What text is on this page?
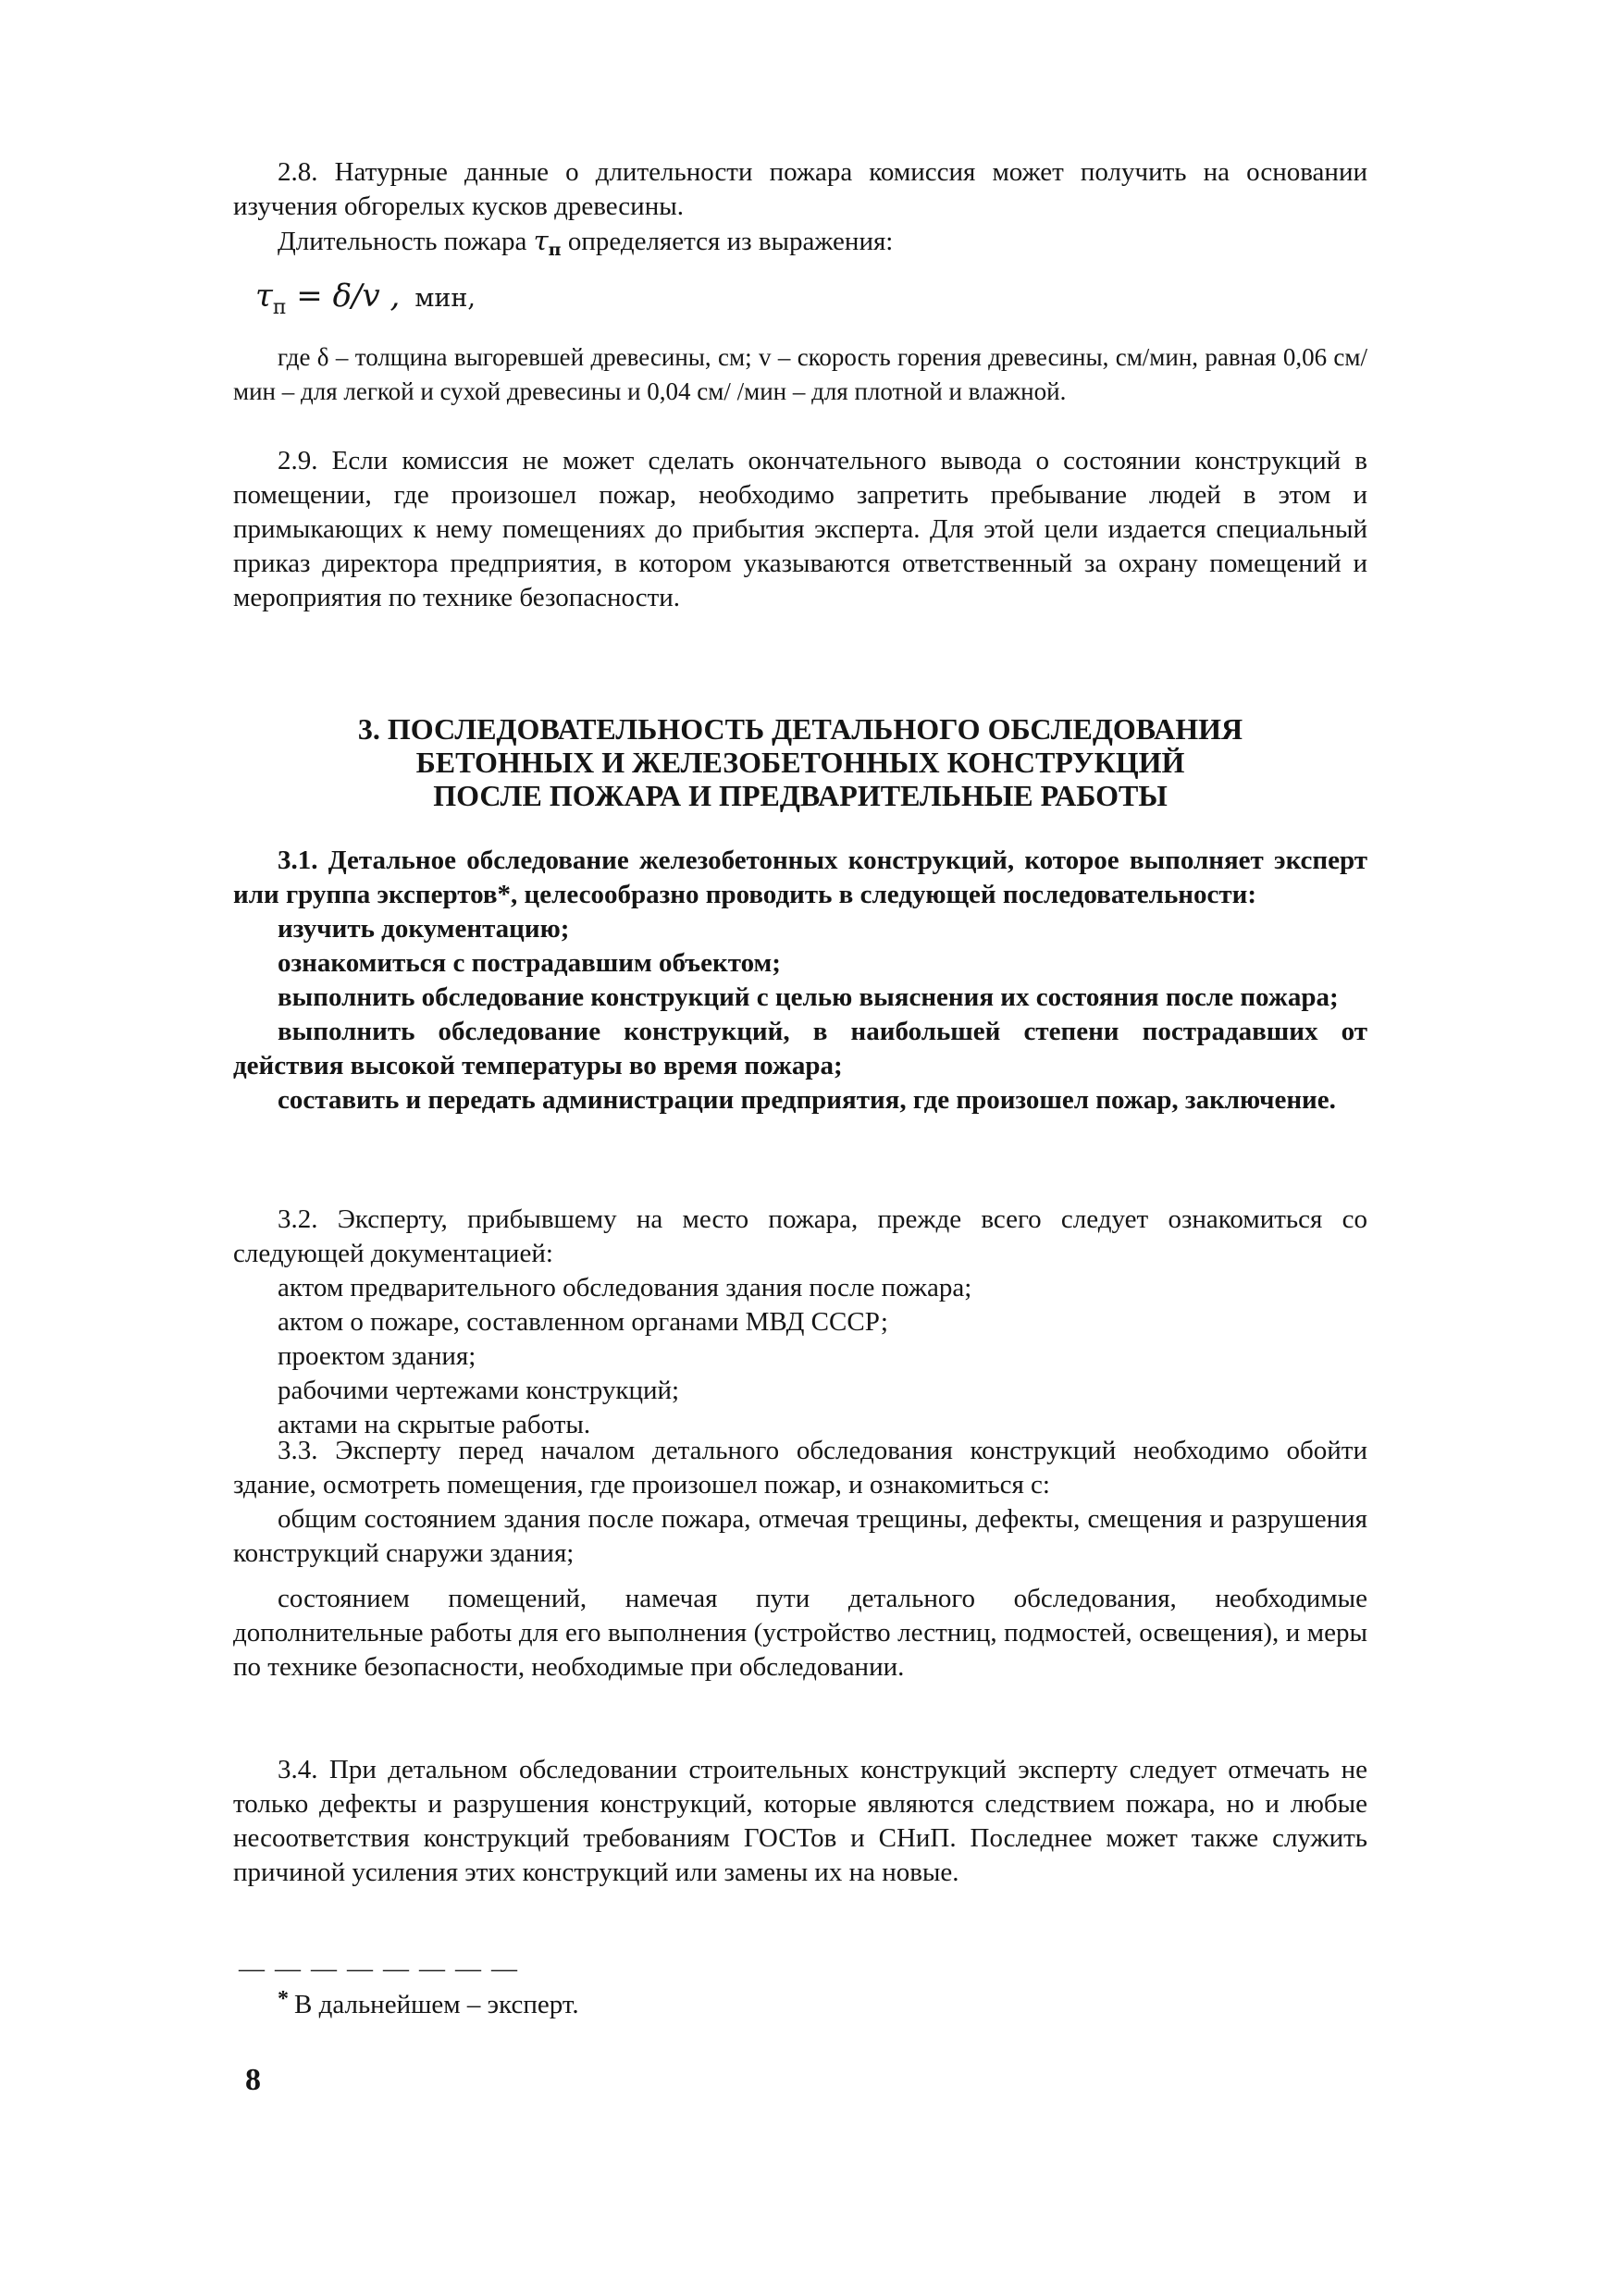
2.8. Натурные данные о длительности пожара комиссия может получить на основании изучения обгорелых кусков древесины.

Длительность пожара $\tau_п$ определяется из выражения:

$\tau_п = \delta/v$ , мин,

где δ – толщина выгоревшей древесины, см; v – скорость горения древесины, см/мин, равная 0,06 см/мин – для легкой и сухой древесины и 0,04 см/ /мин – для плотной и влажной.

2.9. Если комиссия не может сделать окончательного вывода о состоянии конструкций в помещении, где произошел пожар, необходимо запретить пребывание людей в этом и примыкающих к нему помещениях до прибытия эксперта. Для этой цели издается специальный приказ директора предприятия, в котором указываются ответственный за охрану помещений и мероприятия по технике безопасности.

3. ПОСЛЕДОВАТЕЛЬНОСТЬ ДЕТАЛЬНОГО ОБСЛЕДОВАНИЯ
БЕТОННЫХ И ЖЕЛЕЗОБЕТОННЫХ КОНСТРУКЦИЙ
ПОСЛЕ ПОЖАРА И ПРЕДВАРИТЕЛЬНЫЕ РАБОТЫ

3.1. Детальное обследование железобетонных конструкций, которое выполняет эксперт или группа экспертов*, целесообразно проводить в следующей последовательности:

изучить документацию;

ознакомиться с пострадавшим объектом;

выполнить обследование конструкций с целью выяснения их состояния после пожара;

выполнить обследование конструкций, в наибольшей степени пострадавших от действия высокой температуры во время пожара;

составить и передать администрации предприятия, где произошел пожар, заключение.

3.2. Эксперту, прибывшему на место пожара, прежде всего следует ознакомиться со следующей документацией:

актом предварительного обследования здания после пожара;
актом о пожаре, составленном органами МВД СССР;
проектом здания;
рабочими чертежами конструкций;
актами на скрытые работы.

3.3. Эксперту перед началом детального обследования конструкций необходимо обойти здание, осмотреть помещения, где произошел пожар, и ознакомиться с:

общим состоянием здания после пожара, отмечая трещины, дефекты, смещения и разрушения конструкций снаружи здания;

состоянием помещений, намечая пути детального обследования, необходимые дополнительные работы для его выполнения (устройство лестниц, подмостей, освещения), и меры по технике безопасности, необходимые при обследовании.

3.4. При детальном обследовании строительных конструкций эксперту следует отмечать не только дефекты и разрушения конструкций, которые являются следствием пожара, но и любые несоответствия конструкций требованиям ГОСТов и СНиП. Последнее может также служить причиной усиления этих конструкций или замены их на новые.

— — — — — — — —
* В дальнейшем – эксперт.
8
